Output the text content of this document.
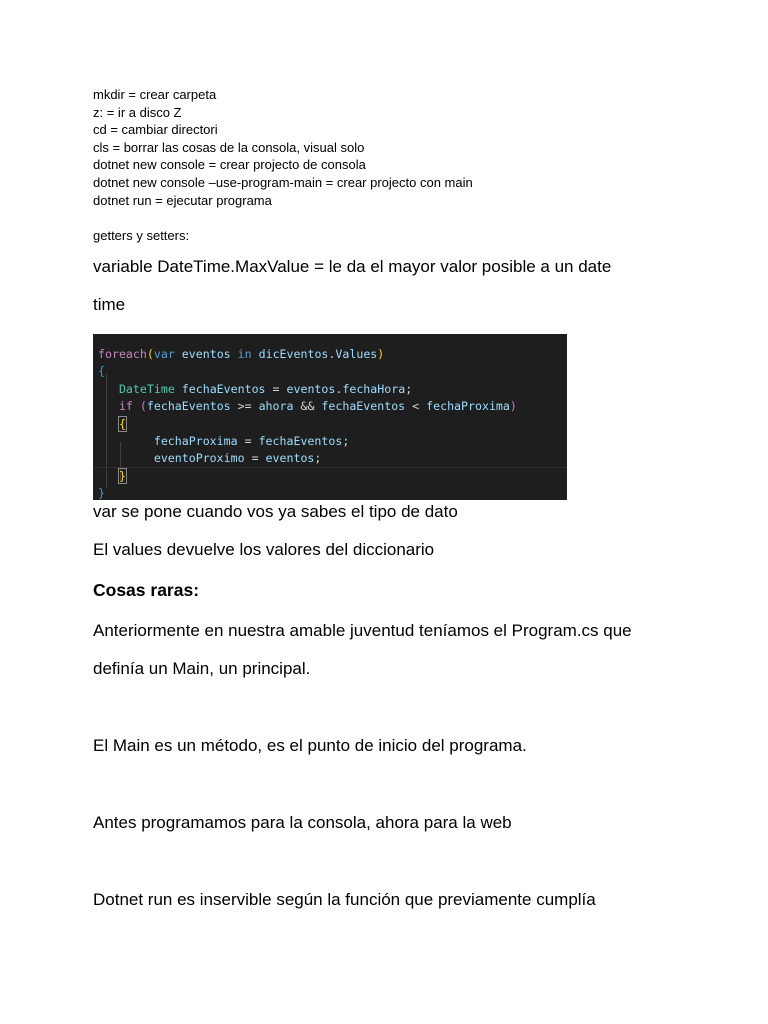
mkdir = crear carpeta
z: = ir a disco Z
cd = cambiar directori
cls = borrar las cosas de la consola, visual solo
dotnet new console = crear projecto de consola
dotnet new console –use-program-main = crear projecto con main
dotnet run = ejecutar programa

getters y setters:

variable DateTime.MaxValue = le da el mayor valor posible a un date

time

foreach(var eventos in dicEventos.Values)
{
DateTime fechaEventos = eventos.fechaHora;
if (fechaEventos >= ahora && fechaEventos < fechaProxima)
{
fechaProxima = fechaEventos;
eventoProximo = eventos;
}
}

var se pone cuando vos ya sabes el tipo de dato

El values devuelve los valores del diccionario

Cosas raras:

Anteriormente en nuestra amable juventud teníamos el Program.cs que

definía un Main, un principal.

El Main es un método, es el punto de inicio del programa.

Antes programamos para la consola, ahora para la web

Dotnet run es inservible según la función que previamente cumplía
